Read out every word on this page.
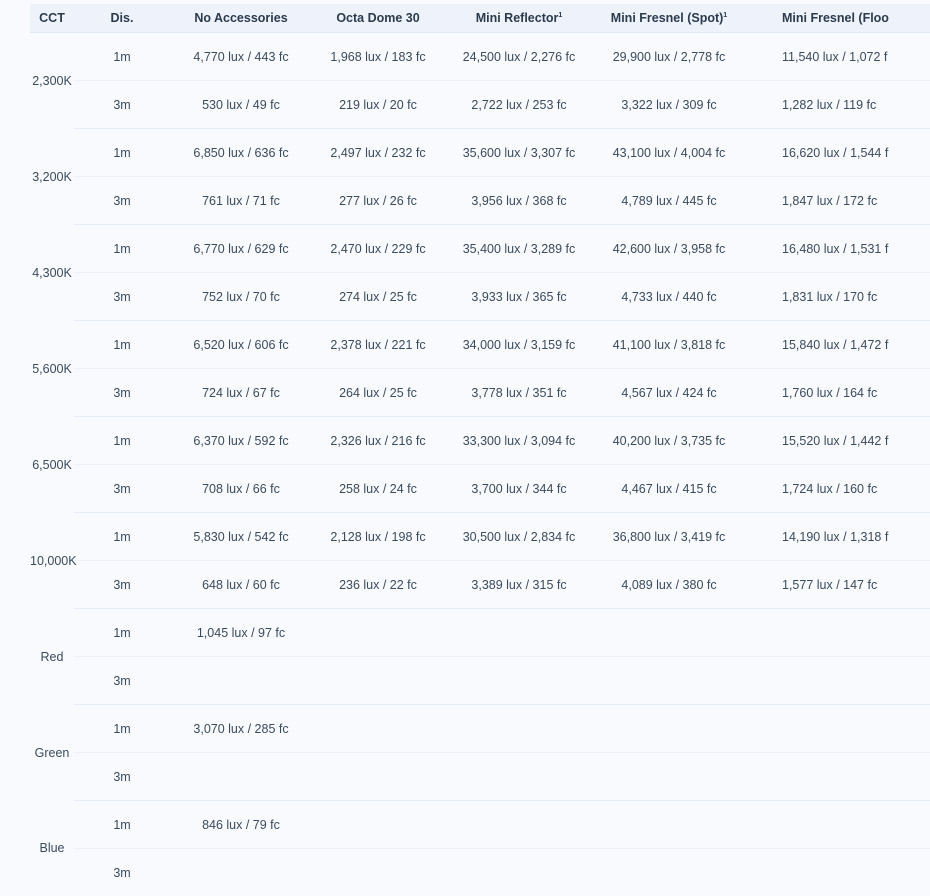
CCT	Dis.	No Accessories	Octa Dome 30	Mini Reflector$^1$	Mini Fresnel (Spot)$^1$	Mini Fresnel (Floo
2,300K	1m	4,770 lux / 443 fc	1,968 lux / 183 fc	24,500 lux / 2,276 fc	29,900 lux / 2,778 fc	11,540 lux / 1,072 f
	3m	530 lux / 49 fc	219 lux / 20 fc	2,722 lux / 253 fc	3,322 lux / 309 fc	1,282 lux / 119 fc
3,200K	1m	6,850 lux / 636 fc	2,497 lux / 232 fc	35,600 lux / 3,307 fc	43,100 lux / 4,004 fc	16,620 lux / 1,544 f
	3m	761 lux / 71 fc	277 lux / 26 fc	3,956 lux / 368 fc	4,789 lux / 445 fc	1,847 lux / 172 fc
4,300K	1m	6,770 lux / 629 fc	2,470 lux / 229 fc	35,400 lux / 3,289 fc	42,600 lux / 3,958 fc	16,480 lux / 1,531 f
	3m	752 lux / 70 fc	274 lux / 25 fc	3,933 lux / 365 fc	4,733 lux / 440 fc	1,831 lux / 170 fc
5,600K	1m	6,520 lux / 606 fc	2,378 lux / 221 fc	34,000 lux / 3,159 fc	41,100 lux / 3,818 fc	15,840 lux / 1,472 f
	3m	724 lux / 67 fc	264 lux / 25 fc	3,778 lux / 351 fc	4,567 lux / 424 fc	1,760 lux / 164 fc
6,500K	1m	6,370 lux / 592 fc	2,326 lux / 216 fc	33,300 lux / 3,094 fc	40,200 lux / 3,735 fc	15,520 lux / 1,442 f
	3m	708 lux / 66 fc	258 lux / 24 fc	3,700 lux / 344 fc	4,467 lux / 415 fc	1,724 lux / 160 fc
10,000K	1m	5,830 lux / 542 fc	2,128 lux / 198 fc	30,500 lux / 2,834 fc	36,800 lux / 3,419 fc	14,190 lux / 1,318 f
	3m	648 lux / 60 fc	236 lux / 22 fc	3,389 lux / 315 fc	4,089 lux / 380 fc	1,577 lux / 147 fc
Red	1m	1,045 lux / 97 fc				
	3m					
Green	1m	3,070 lux / 285 fc				
	3m					
Blue	1m	846 lux / 79 fc				
	3m					
